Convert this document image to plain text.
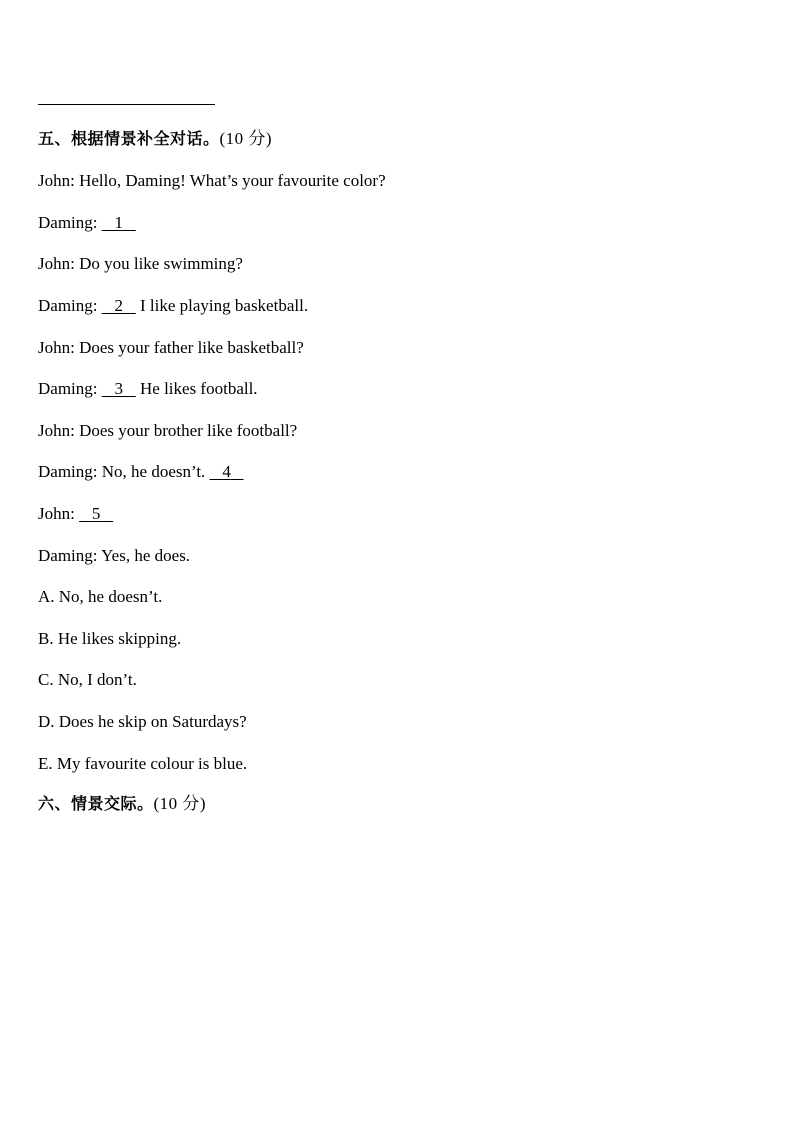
五、根据情景补全对话。(10 分)
John: Hello, Daming! What’s your favourite color?
Daming:    1
John: Do you like swimming?
Daming:    2    I like playing basketball.
John: Does your father like basketball?
Daming:    3    He likes football.
John: Does your brother like football?
Daming: No, he doesn’t.    4
John:    5
Daming: Yes, he does.
A. No, he doesn’t.
B. He likes skipping.
C. No, I don’t.
D. Does he skip on Saturdays?
E. My favourite colour is blue.
六、情景交际。(10 分)
